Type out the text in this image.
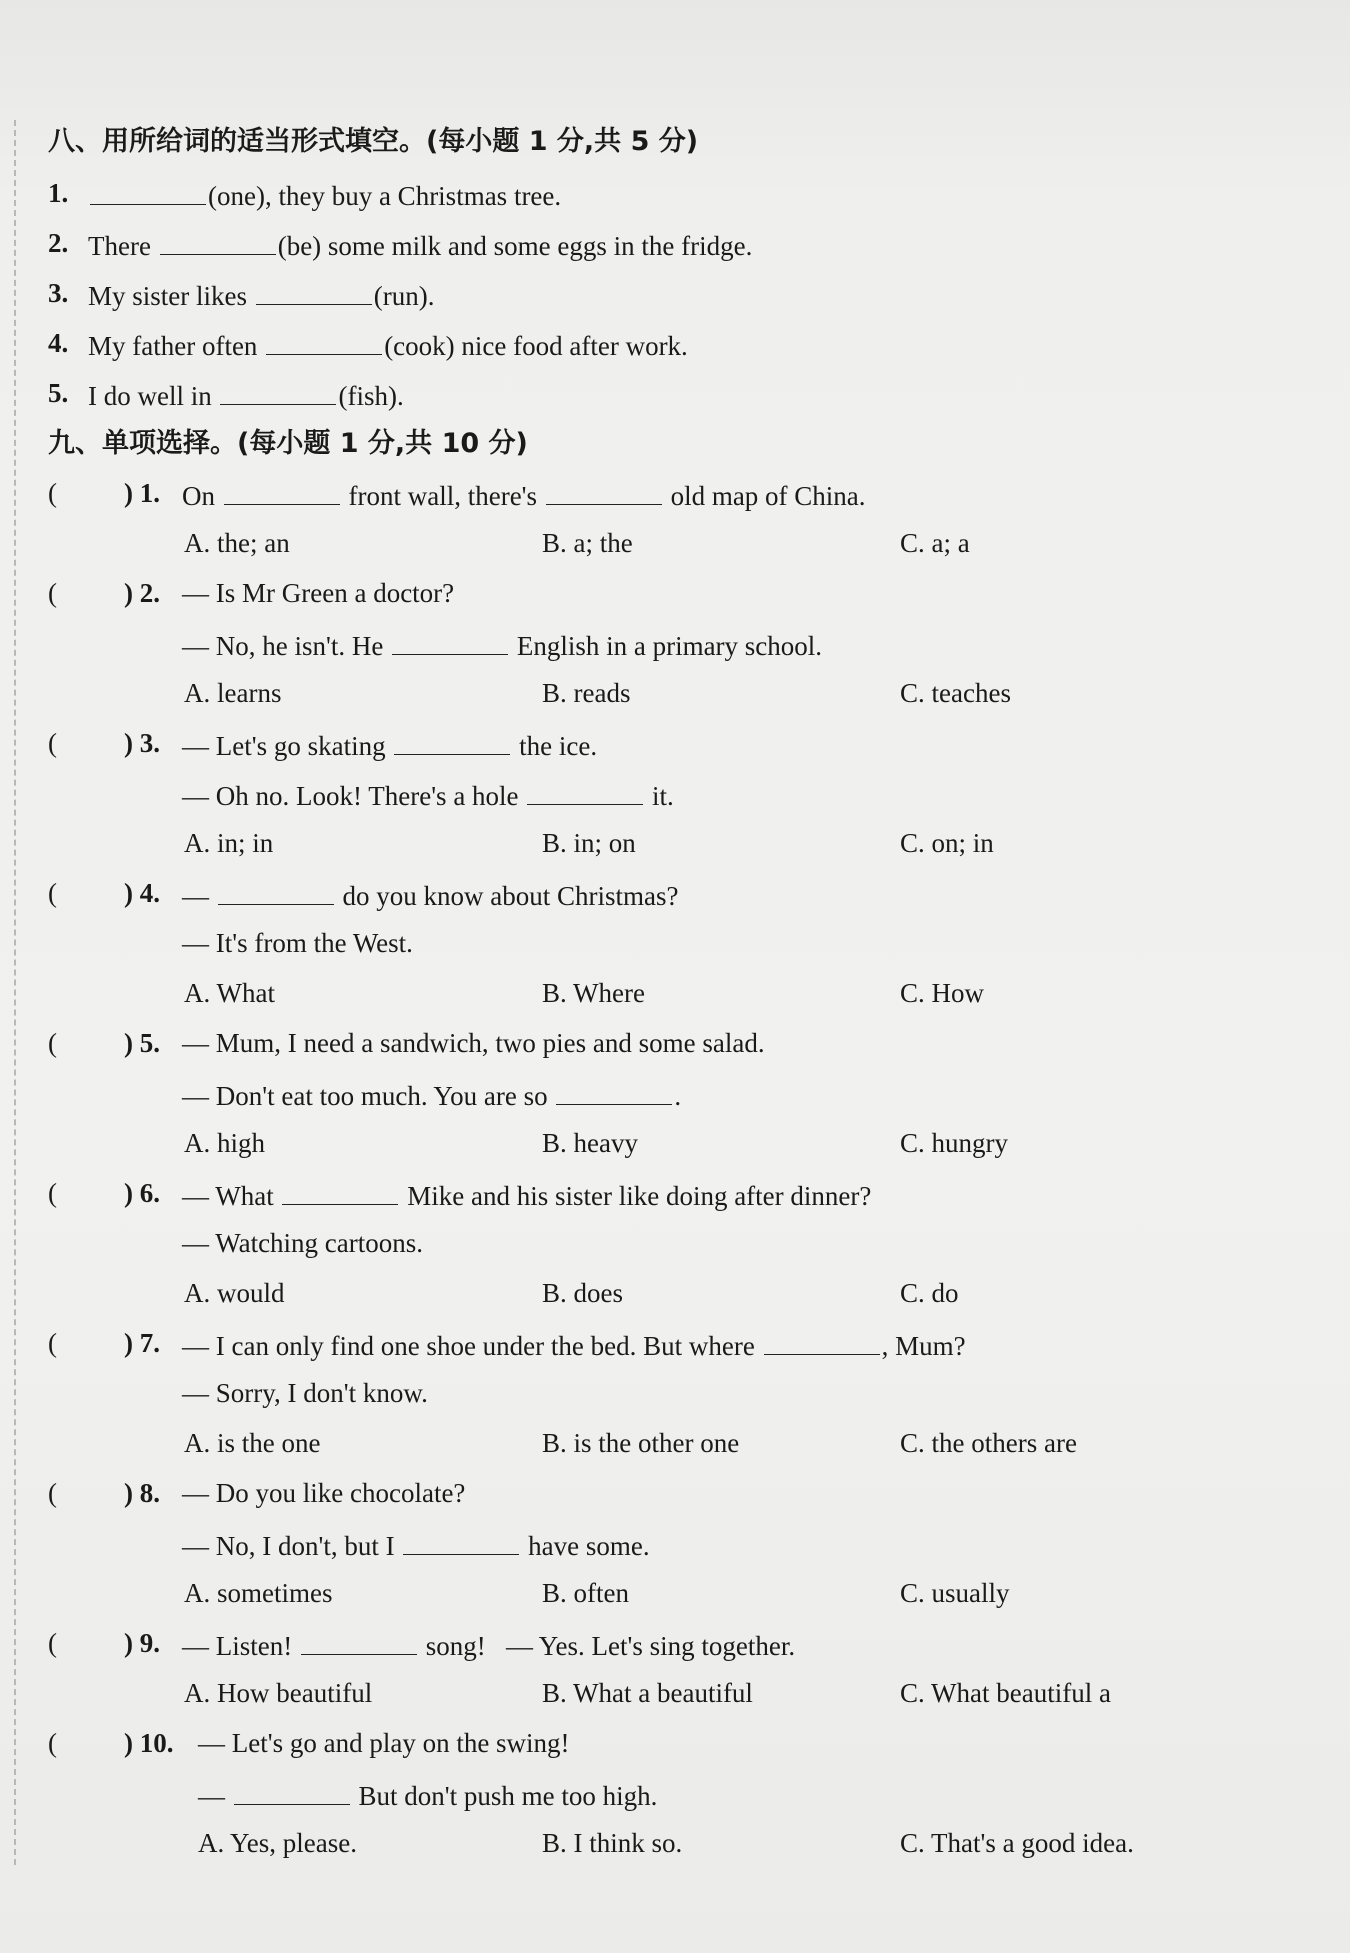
八、用所给词的适当形式填空。(每小题 1 分,共 5 分)
1.	(one), they buy a Christmas tree.
2. There	(be) some milk and some eggs in the fridge.
3. My sister likes	(run).
4. My father often	(cook) nice food after work.
5. I do well in	(fish).
九、单项选择。(每小题 1 分,共 10 分)
( ) 1. On	front wall, there's	old map of China.
A. the; an	B. a; the	C. a; a
( ) 2. — Is Mr Green a doctor?
— No, he isn't. He	English in a primary school.
A. learns	B. reads	C. teaches
( ) 3. — Let's go skating	the ice.
— Oh no. Look! There's a hole	it.
A. in; in	B. in; on	C. on; in
( ) 4. —	do you know about Christmas?
— It's from the West.
A. What	B. Where	C. How
( ) 5. — Mum, I need a sandwich, two pies and some salad.
— Don't eat too much. You are so	.
A. high	B. heavy	C. hungry
( ) 6. — What	Mike and his sister like doing after dinner?
— Watching cartoons.
A. would	B. does	C. do
( ) 7. — I can only find one shoe under the bed. But where	, Mum?
— Sorry, I don't know.
A. is the one	B. is the other one	C. the others are
( ) 8. — Do you like chocolate?
— No, I don't, but I	have some.
A. sometimes	B. often	C. usually
( ) 9. — Listen!	song! — Yes. Let's sing together.
A. How beautiful	B. What a beautiful	C. What beautiful a
( ) 10. — Let's go and play on the swing!
—	But don't push me too high.
A. Yes, please.	B. I think so.	C. That's a good idea.
